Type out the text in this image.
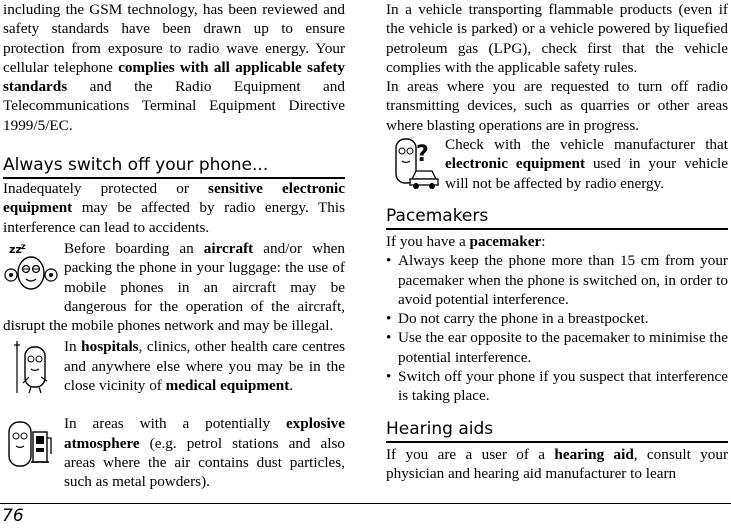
including the GSM technology, has been reviewed and safety standards have been drawn up to ensure protection from exposure to radio wave energy. Your cellular telephone complies with all applicable safety standards and the Radio Equipment and Telecommunications Terminal Equipment Directive 1999/5/EC.

Always switch off your phone...

Inadequately protected or sensitive electronic equipment may be affected by radio energy. This interference can lead to accidents.

zz z	Before boarding an aircraft and/or when packing the phone in your luggage: the use of mobile phones in an aircraft may be dangerous for the operation of the aircraft, disrupt the mobile phones network and may be illegal.

In hospitals, clinics, other health care centres and anywhere else where you may be in the close vicinity of medical equipment.

In areas with a potentially explosive atmosphere (e.g. petrol stations and also areas where the air contains dust particles, such as metal powders).

In a vehicle transporting flammable products (even if the vehicle is parked) or a vehicle powered by liquefied petroleum gas (LPG), check first that the vehicle complies with the applicable safety rules.

In areas where you are requested to turn off radio transmitting devices, such as quarries or other areas where blasting operations are in progress.

?	Check with the vehicle manufacturer that electronic equipment used in your vehicle will not be affected by radio energy.

Pacemakers

If you have a pacemaker:

• Always keep the phone more than 15 cm from your pacemaker when the phone is switched on, in order to avoid potential interference.
• Do not carry the phone in a breastpocket.
• Use the ear opposite to the pacemaker to minimise the potential interference.
• Switch off your phone if you suspect that interference is taking place.
Hearing aids

If you are a user of a hearing aid, consult your physician and hearing aid manufacturer to learn

76
